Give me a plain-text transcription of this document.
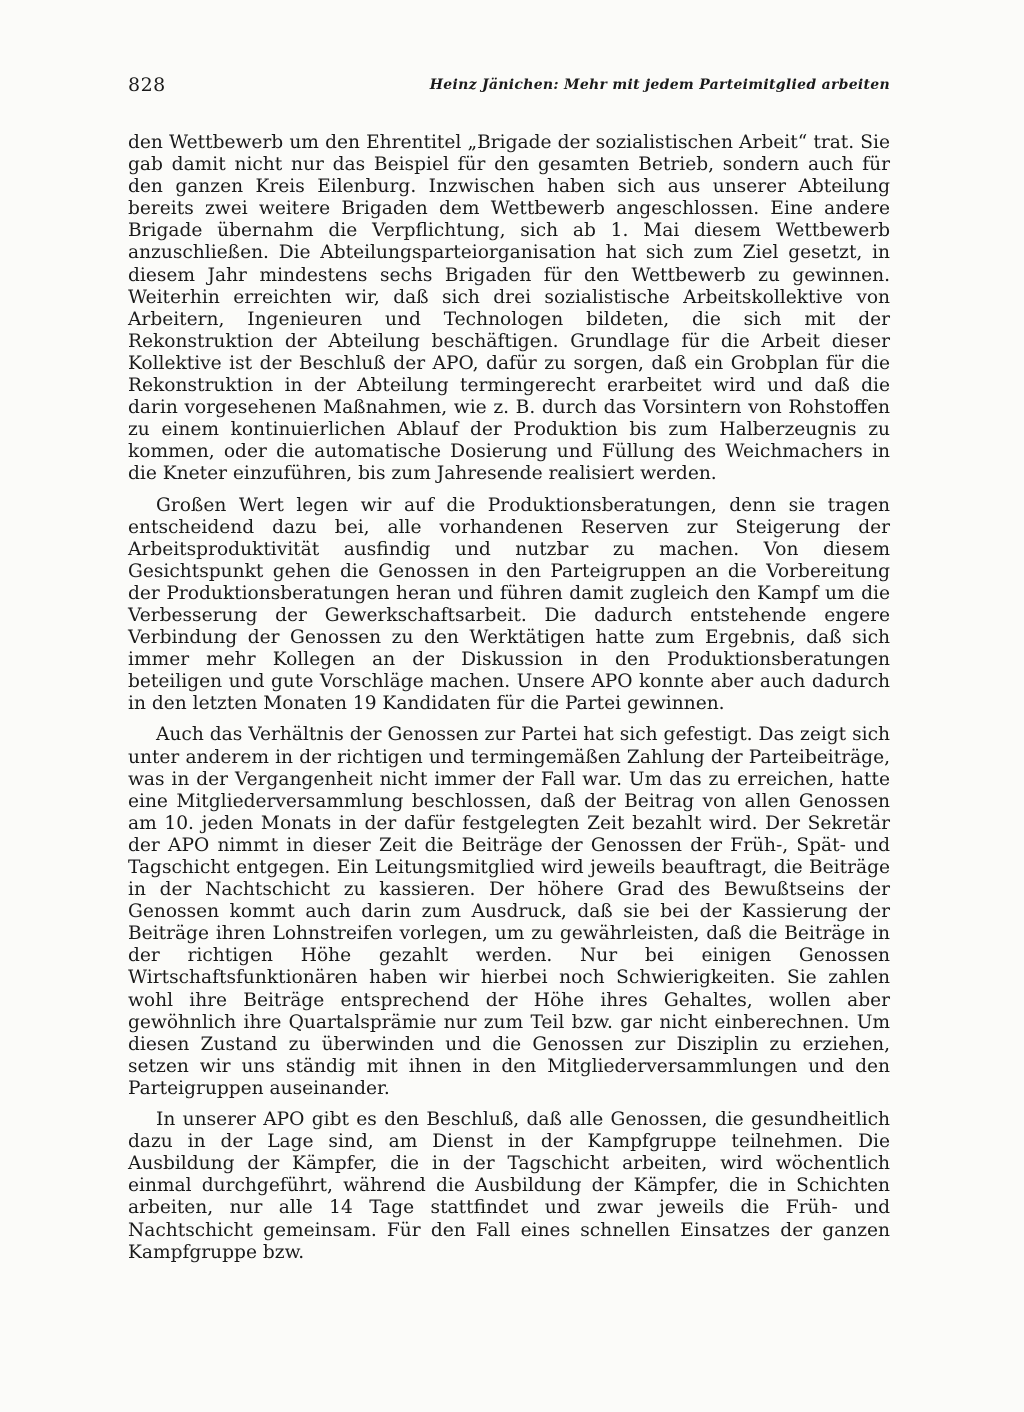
828	Heinz Jänichen: Mehr mit jedem Parteimitglied arbeiten

den Wettbewerb um den Ehrentitel „Brigade der sozialistischen Arbeit“ trat. Sie gab damit nicht nur das Beispiel für den gesamten Betrieb, sondern auch für den ganzen Kreis Eilenburg. Inzwischen haben sich aus unserer Abteilung bereits zwei weitere Brigaden dem Wettbewerb angeschlossen. Eine andere Brigade übernahm die Verpflichtung, sich ab 1. Mai diesem Wettbewerb anzuschließen. Die Abteilungsparteiorganisation hat sich zum Ziel gesetzt, in diesem Jahr mindestens sechs Brigaden für den Wettbewerb zu gewinnen. Weiterhin erreichten wir, daß sich drei sozialistische Arbeitskollektive von Arbeitern, Ingenieuren und Technologen bildeten, die sich mit der Rekonstruktion der Abteilung beschäftigen. Grundlage für die Arbeit dieser Kollektive ist der Beschluß der APO, dafür zu sorgen, daß ein Grobplan für die Rekonstruktion in der Abteilung termingerecht erarbeitet wird und daß die darin vorgesehenen Maßnahmen, wie z. B. durch das Vorsintern von Rohstoffen zu einem kontinuierlichen Ablauf der Produktion bis zum Halberzeugnis zu kommen, oder die automatische Dosierung und Füllung des Weichmachers in die Kneter einzuführen, bis zum Jahresende realisiert werden.

Großen Wert legen wir auf die Produktionsberatungen, denn sie tragen entscheidend dazu bei, alle vorhandenen Reserven zur Steigerung der Arbeitsproduktivität ausfindig und nutzbar zu machen. Von diesem Gesichtspunkt gehen die Genossen in den Parteigruppen an die Vorbereitung der Produktionsberatungen heran und führen damit zugleich den Kampf um die Verbesserung der Gewerkschaftsarbeit. Die dadurch entstehende engere Verbindung der Genossen zu den Werktätigen hatte zum Ergebnis, daß sich immer mehr Kollegen an der Diskussion in den Produktionsberatungen beteiligen und gute Vorschläge machen. Unsere APO konnte aber auch dadurch in den letzten Monaten 19 Kandidaten für die Partei gewinnen.

Auch das Verhältnis der Genossen zur Partei hat sich gefestigt. Das zeigt sich unter anderem in der richtigen und termingemäßen Zahlung der Parteibeiträge, was in der Vergangenheit nicht immer der Fall war. Um das zu erreichen, hatte eine Mitgliederversammlung beschlossen, daß der Beitrag von allen Genossen am 10. jeden Monats in der dafür festgelegten Zeit bezahlt wird. Der Sekretär der APO nimmt in dieser Zeit die Beiträge der Genossen der Früh-, Spät- und Tagschicht entgegen. Ein Leitungsmitglied wird jeweils beauftragt, die Beiträge in der Nachtschicht zu kassieren. Der höhere Grad des Bewußtseins der Genossen kommt auch darin zum Ausdruck, daß sie bei der Kassierung der Beiträge ihren Lohnstreifen vorlegen, um zu gewährleisten, daß die Beiträge in der richtigen Höhe gezahlt werden. Nur bei einigen Genossen Wirtschaftsfunktionären haben wir hierbei noch Schwierigkeiten. Sie zahlen wohl ihre Beiträge entsprechend der Höhe ihres Gehaltes, wollen aber gewöhnlich ihre Quartalsprämie nur zum Teil bzw. gar nicht einberechnen. Um diesen Zustand zu überwinden und die Genossen zur Disziplin zu erziehen, setzen wir uns ständig mit ihnen in den Mitgliederversammlungen und den Parteigruppen auseinander.

In unserer APO gibt es den Beschluß, daß alle Genossen, die gesundheitlich dazu in der Lage sind, am Dienst in der Kampfgruppe teilnehmen. Die Ausbildung der Kämpfer, die in der Tagschicht arbeiten, wird wöchentlich einmal durchgeführt, während die Ausbildung der Kämpfer, die in Schichten arbeiten, nur alle 14 Tage stattfindet und zwar jeweils die Früh- und Nachtschicht gemeinsam. Für den Fall eines schnellen Einsatzes der ganzen Kampfgruppe bzw.
